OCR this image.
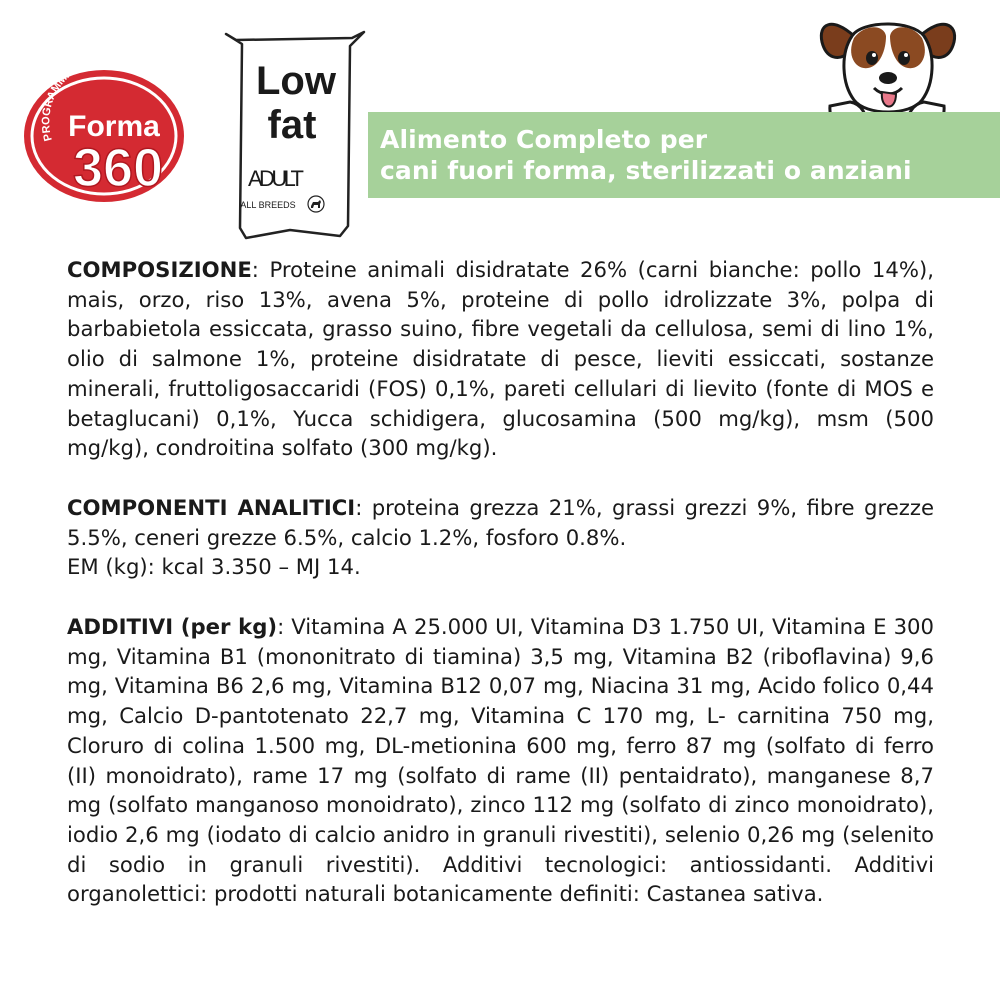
PROGRAMMA BENESSERE
Forma
360
Low
fat
ADULT
ALL BREEDS
Alimento Completo per
cani fuori forma, sterilizzati o anziani

COMPOSIZIONE: Proteine animali disidratate 26% (carni bianche: pollo 14%), mais, orzo, riso 13%, avena 5%, proteine di pollo idrolizzate 3%, polpa di barbabietola essiccata, grasso suino, fibre vegetali da cellulosa, semi di lino 1%, olio di salmone 1%, proteine disidratate di pesce, lieviti essiccati, sostanze minerali, fruttoligosaccaridi (FOS) 0,1%, pareti cellulari di lievito (fonte di MOS e betaglucani) 0,1%, Yucca schidigera, glucosamina (500 mg/kg), msm (500 mg/kg), condroitina solfato (300 mg/kg).

COMPONENTI ANALITICI: proteina grezza 21%, grassi grezzi 9%, fibre grezze 5.5%, ceneri grezze 6.5%, calcio 1.2%, fosforo 0.8%.
EM (kg): kcal 3.350 – MJ 14.

ADDITIVI (per kg): Vitamina A 25.000 UI, Vitamina D3 1.750 UI, Vitamina E 300 mg, Vitamina B1 (mononitrato di tiamina) 3,5 mg, Vitamina B2 (riboflavina) 9,6 mg, Vitamina B6 2,6 mg, Vitamina B12 0,07 mg, Niacina 31 mg, Acido folico 0,44 mg, Calcio D-pantotenato 22,7 mg, Vitamina C 170 mg, L- carnitina 750 mg, Cloruro di colina 1.500 mg, DL-metionina 600 mg, ferro 87 mg (solfato di ferro (II) monoidrato), rame 17 mg (solfato di rame (II) pentaidrato), manganese 8,7 mg (solfato manganoso monoidrato), zinco 112 mg (solfato di zinco monoidrato), iodio 2,6 mg (iodato di calcio anidro in granuli rivestiti), selenio 0,26 mg (selenito di sodio in granuli rivestiti). Additivi tecnologici: antiossidanti. Additivi organolettici: prodotti naturali botanicamente definiti: Castanea sativa.
